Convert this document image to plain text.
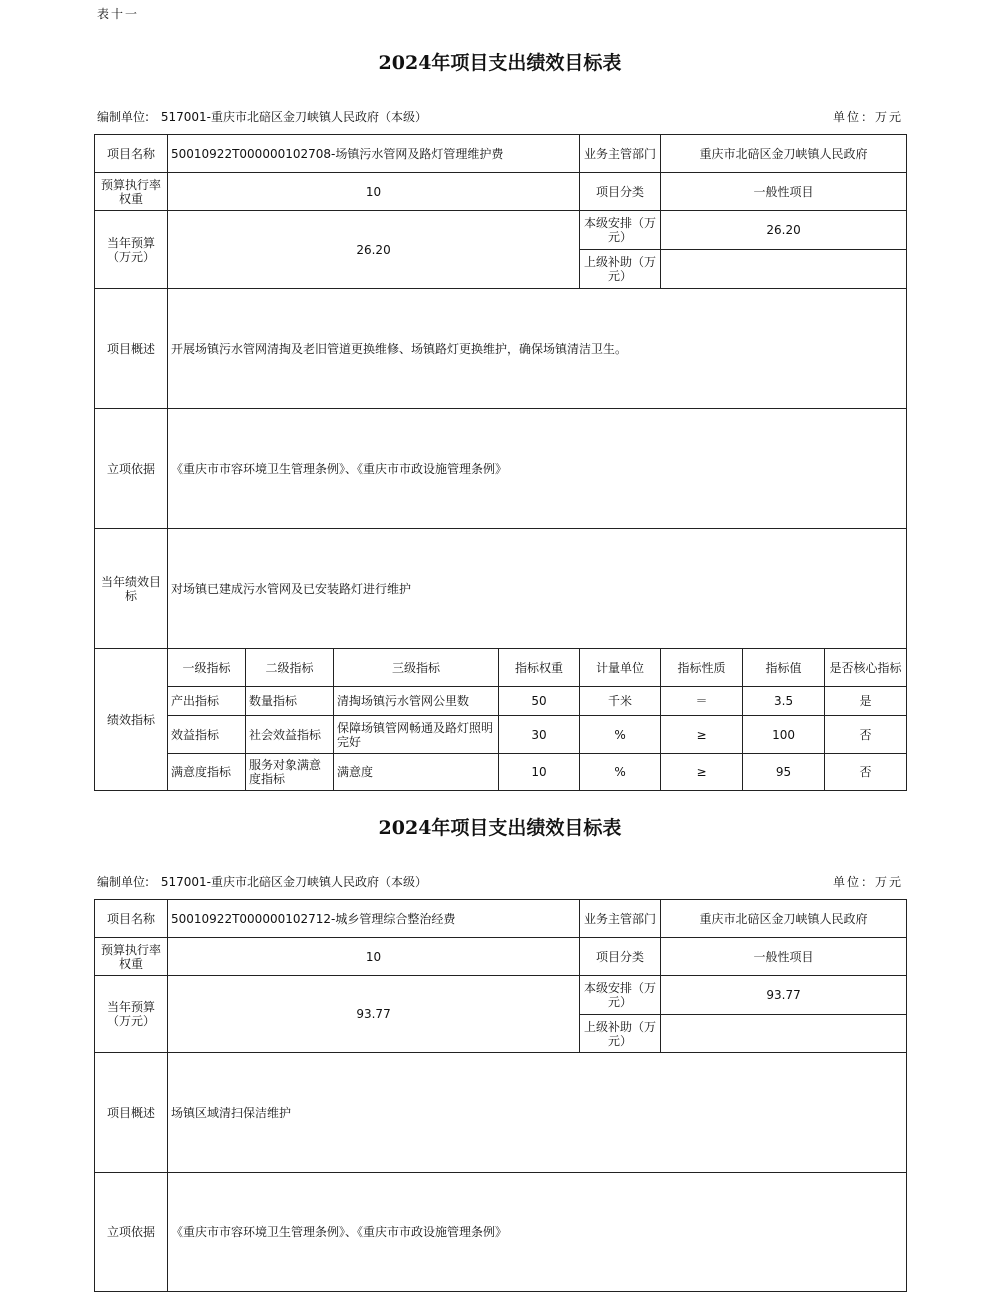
表十一
2024年项目支出绩效目标表
编制单位: 517001-重庆市北碚区金刀峡镇人民政府（本级）	单位：万元
项目名称	50010922T000000102708-场镇污水管网及路灯管理维护费				业务主管部门	重庆市北碚区金刀峡镇人民政府		
预算执行率权重	10				项目分类	一般性项目		
当年预算（万元）	26.20				本级安排（万元）	26.20		
					上级补助（万元）			
项目概述	开展场镇污水管网清掏及老旧管道更换维修、场镇路灯更换维护，确保场镇清洁卫生。							
立项依据	《重庆市市容环境卫生管理条例》、《重庆市市政设施管理条例》							
当年绩效目标	对场镇已建成污水管网及已安装路灯进行维护							
绩效指标	一级指标	二级指标	三级指标	指标权重	计量单位	指标性质	指标值	是否核心指标
	产出指标	数量指标	清掏场镇污水管网公里数	50	千米	＝	3.5	是
	效益指标	社会效益指标	保障场镇管网畅通及路灯照明完好	30	%	≥	100	否
	满意度指标	服务对象满意度指标	满意度	10	%	≥	95	否
2024年项目支出绩效目标表
编制单位: 517001-重庆市北碚区金刀峡镇人民政府（本级）	单位：万元
项目名称	50010922T000000102712-城乡管理综合整治经费	业务主管部门	重庆市北碚区金刀峡镇人民政府
预算执行率权重	10	项目分类	一般性项目
当年预算（万元）	93.77	本级安排（万元）	93.77
		上级补助（万元）	
项目概述	场镇区域清扫保洁维护		
立项依据	《重庆市市容环境卫生管理条例》、《重庆市市政设施管理条例》		
